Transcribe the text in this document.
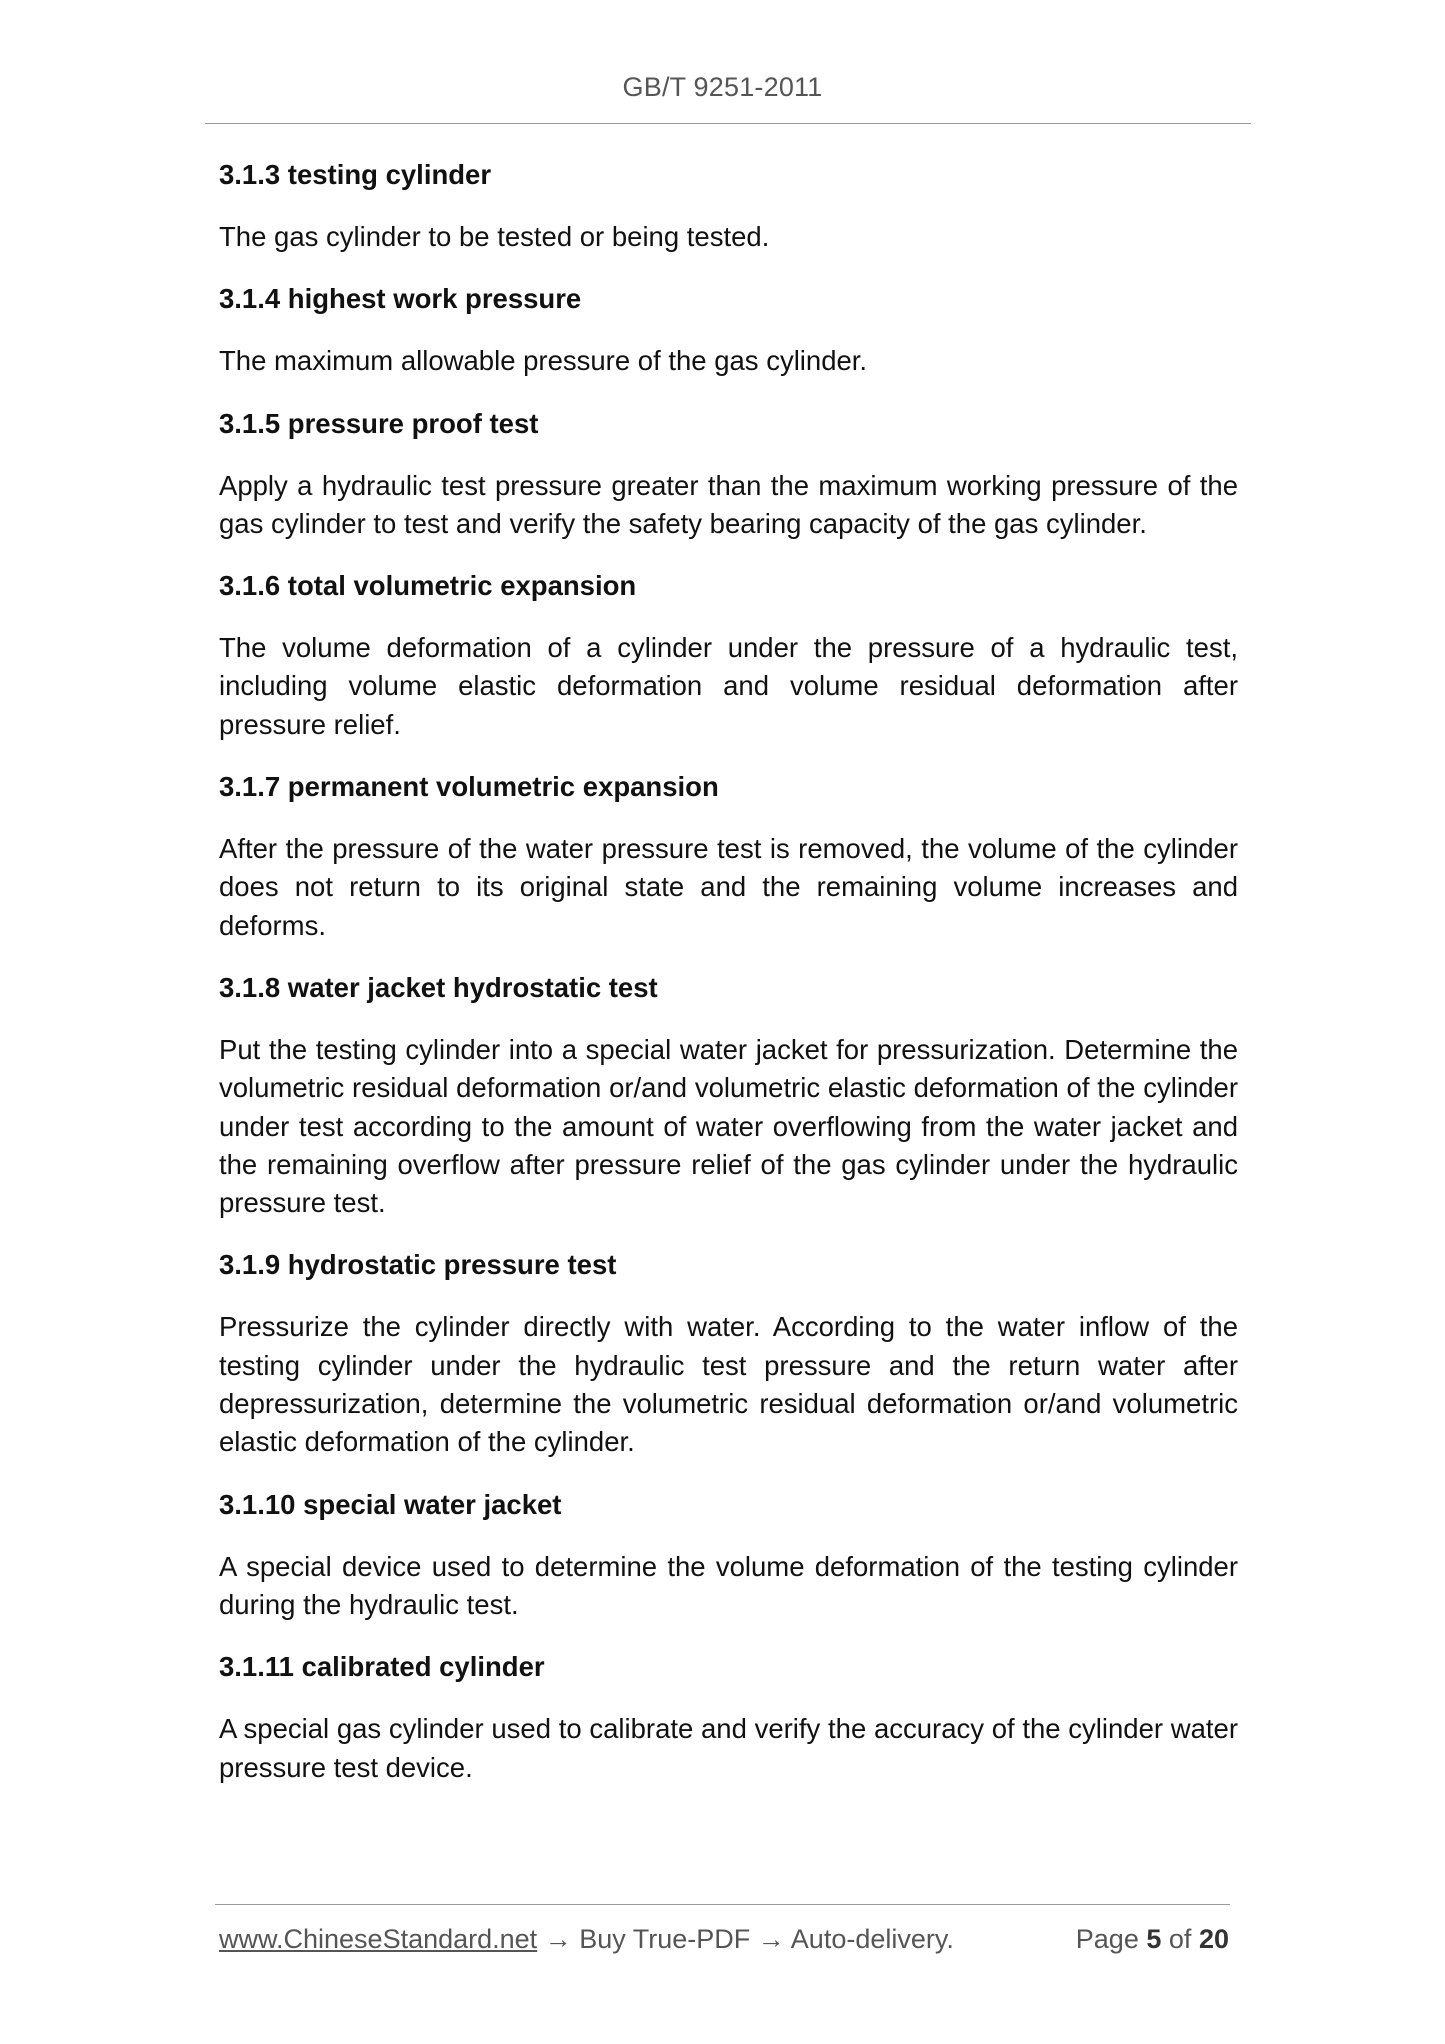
GB/T 9251-2011
3.1.3 testing cylinder

The gas cylinder to be tested or being tested.

3.1.4 highest work pressure

The maximum allowable pressure of the gas cylinder.

3.1.5 pressure proof test

Apply a hydraulic test pressure greater than the maximum working pressure of the gas cylinder to test and verify the safety bearing capacity of the gas cylinder.

3.1.6 total volumetric expansion

The volume deformation of a cylinder under the pressure of a hydraulic test, including volume elastic deformation and volume residual deformation after pressure relief.

3.1.7 permanent volumetric expansion

After the pressure of the water pressure test is removed, the volume of the cylinder does not return to its original state and the remaining volume increases and deforms.

3.1.8 water jacket hydrostatic test

Put the testing cylinder into a special water jacket for pressurization. Determine the volumetric residual deformation or/and volumetric elastic deformation of the cylinder under test according to the amount of water overflowing from the water jacket and the remaining overflow after pressure relief of the gas cylinder under the hydraulic pressure test.

3.1.9 hydrostatic pressure test

Pressurize the cylinder directly with water. According to the water inflow of the testing cylinder under the hydraulic test pressure and the return water after depressurization, determine the volumetric residual deformation or/and volumetric elastic deformation of the cylinder.

3.1.10 special water jacket

A special device used to determine the volume deformation of the testing cylinder during the hydraulic test.

3.1.11 calibrated cylinder

A special gas cylinder used to calibrate and verify the accuracy of the cylinder water pressure test device.

www.ChineseStandard.net → Buy True-PDF → Auto-delivery.	Page 5 of 20
